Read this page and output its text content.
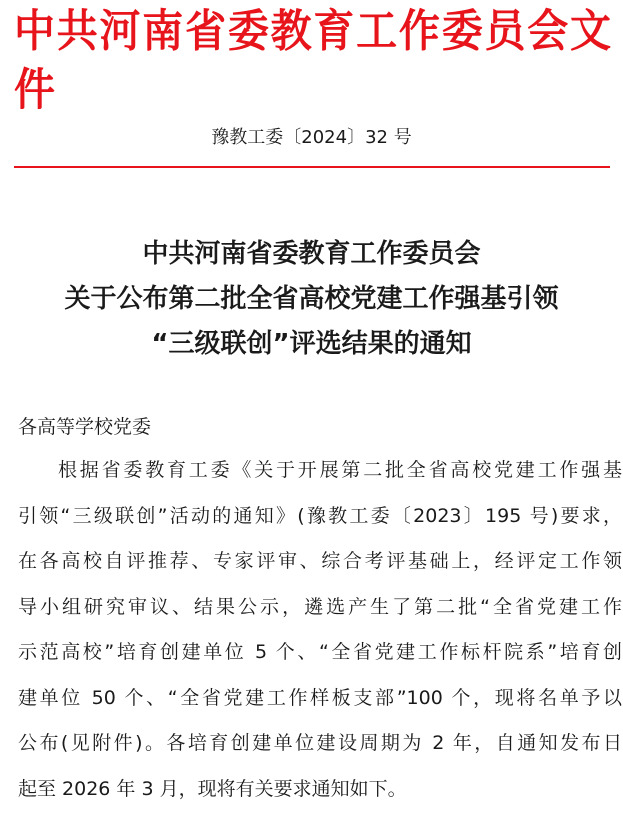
中共河南省委教育工作委员会文件
豫教工委〔2024〕32 号
中共河南省委教育工作委员会
关于公布第二批全省高校党建工作强基引领
“三级联创”评选结果的通知
各高等学校党委
根据省委教育工委《关于开展第二批全省高校党建工作强基
引领“三级联创”活动的通知》(豫教工委〔2023〕195 号)要求，
在各高校自评推荐、专家评审、综合考评基础上，经评定工作领
导小组研究审议、结果公示，遴选产生了第二批“全省党建工作
示范高校”培育创建单位 5 个、“全省党建工作标杆院系”培育创
建单位 50 个、“全省党建工作样板支部”100 个，现将名单予以
公布(见附件)。各培育创建单位建设周期为 2 年，自通知发布日
起至 2026 年 3 月，现将有关要求通知如下。
